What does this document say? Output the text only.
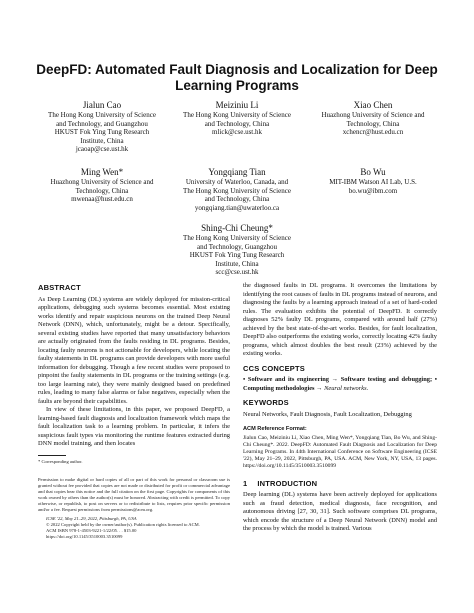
DeepFD: Automated Fault Diagnosis and Localization for Deep Learning Programs
Jialun Cao
The Hong Kong University of Science
and Technology, and Guangzhou
HKUST Fok Ying Tung Research
Institute, China
jcaoap@cse.ust.hk
Meiziniu Li
The Hong Kong University of Science
and Technology, China
mlick@cse.ust.hk
Xiao Chen
Huazhong University of Science and
Technology, China
xchencr@hust.edu.cn
Ming Wen*
Huazhong University of Science and
Technology, China
mwenaa@hust.edu.cn
Yongqiang Tian
University of Waterloo, Canada, and
The Hong Kong University of Science
and Technology, China
yongqiang.tian@uwaterloo.ca
Bo Wu
MIT-IBM Watson AI Lab, U.S.
bo.wu@ibm.com
Shing-Chi Cheung*
The Hong Kong University of Science
and Technology, Guangzhou
HKUST Fok Ying Tung Research
Institute, China
scc@cse.ust.hk
ABSTRACT

As Deep Learning (DL) systems are widely deployed for mission-critical applications, debugging such systems becomes essential. Most existing works identify and repair suspicious neurons on the trained Deep Neural Network (DNN), which, unfortunately, might be a detour. Specifically, several existing studies have reported that many unsatisfactory behaviors are actually originated from the faults residing in DL programs. Besides, locating faulty neurons is not actionable for developers, while locating the faulty statements in DL programs can provide developers with more useful information for debugging. Though a few recent studies were proposed to pinpoint the faulty statements in DL programs or the training settings (e.g. too large learning rate), they were mainly designed based on predefined rules, leading to many false alarms or false negatives, especially when the faults are beyond their capabilities.

In view of these limitations, in this paper, we proposed DeepFD, a learning-based fault diagnosis and localization framework which maps the fault localization task to a learning problem. In particular, it infers the suspicious fault types via monitoring the runtime features extracted during DNN model training, and then locates

* Corresponding author.

Permission to make digital or hard copies of all or part of this work for personal or classroom use is granted without fee provided that copies are not made or distributed for profit or commercial advantage and that copies bear this notice and the full citation on the first page. Copyrights for components of this work owned by others than the author(s) must be honored. Abstracting with credit is permitted. To copy otherwise, or republish, to post on servers or to redistribute to lists, requires prior specific permission and/or a fee. Request permissions from permissions@acm.org.

ICSE '22, May 21–29, 2022, Pittsburgh, PA, USA

© 2022 Copyright held by the owner/author(s). Publication rights licensed to ACM.

ACM ISBN 978-1-4503-9221-1/22/05. . . $15.00

https://doi.org/10.1145/3510003.3510099

the diagnosed faults in DL programs. It overcomes the limitations by identifying the root causes of faults in DL programs instead of neurons, and diagnosing the faults by a learning approach instead of a set of hard-coded rules. The evaluation exhibits the potential of DeepFD. It correctly diagnoses 52% faulty DL programs, compared with around half (27%) achieved by the best state-of-the-art works. Besides, for fault localization, DeepFD also outperforms the existing works, correctly locating 42% faulty programs, which almost doubles the best result (23%) achieved by the existing works.

CCS CONCEPTS

• Software and its engineering → Software testing and debugging; • Computing methodologies → Neural networks.

KEYWORDS

Neural Networks, Fault Diagnosis, Fault Localization, Debugging

ACM Reference Format:
Jialun Cao, Meiziniu Li, Xiao Chen, Ming Wen*, Yongqiang Tian, Bo Wu, and Shing-Chi Cheung*. 2022. DeepFD: Automated Fault Diagnosis and Localization for Deep Learning Programs. In 44th International Conference on Software Engineering (ICSE '22), May 21–29, 2022, Pittsburgh, PA, USA. ACM, New York, NY, USA, 13 pages. https://doi.org/10.1145/3510003.3510099
1 INTRODUCTION

Deep learning (DL) systems have been actively deployed for applications such as fraud detection, medical diagnosis, face recognition, and autonomous driving [27, 30, 31]. Such software comprises DL programs, which encode the structure of a Deep Neural Network (DNN) model and the process by which the model is trained. Various
